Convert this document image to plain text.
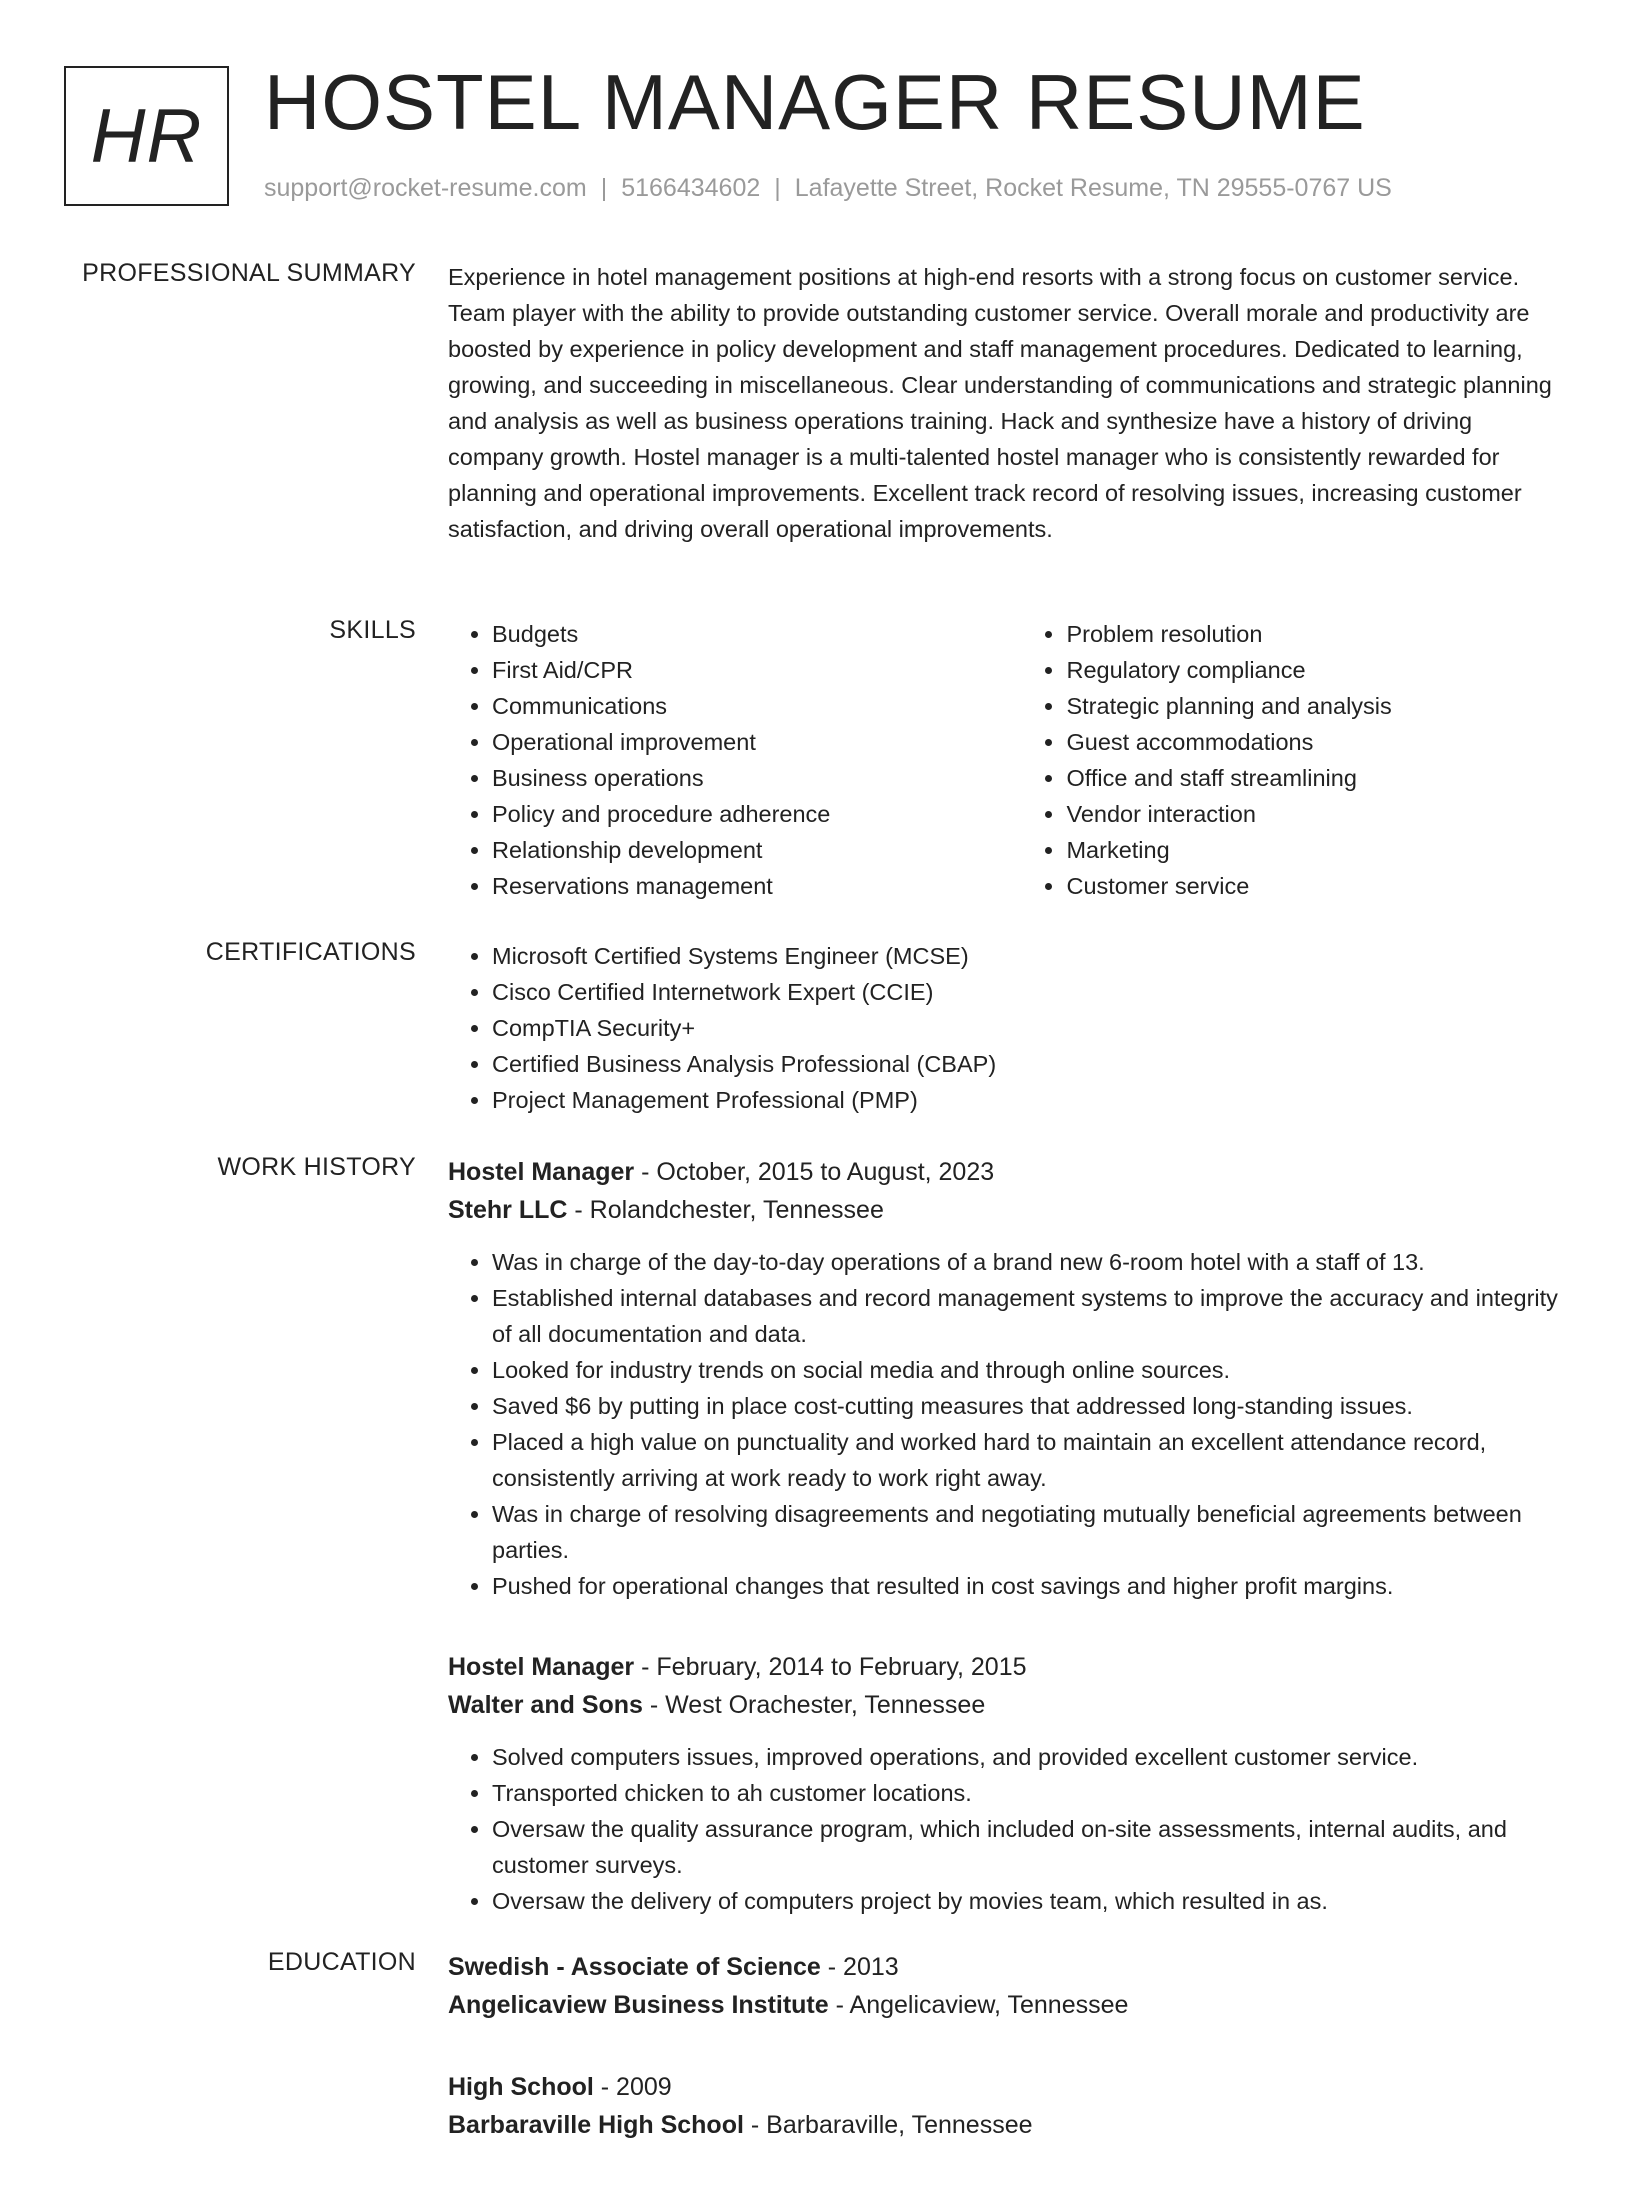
HR HOSTEL MANAGER RESUME
support@rocket-resume.com | 5166434602 | Lafayette Street, Rocket Resume, TN 29555-0767 US
PROFESSIONAL SUMMARY Experience in hotel management positions at high-end resorts with a strong focus on customer service. Team player with the ability to provide outstanding customer service. Overall morale and productivity are boosted by experience in policy development and staff management procedures. Dedicated to learning, growing, and succeeding in miscellaneous. Clear understanding of communications and strategic planning and analysis as well as business operations training. Hack and synthesize have a history of driving company growth. Hostel manager is a multi-talented hostel manager who is consistently rewarded for planning and operational improvements. Excellent track record of resolving issues, increasing customer satisfaction, and driving overall operational improvements.
SKILLS	• Budgets
• First Aid/CPR
• Communications
• Operational improvement
• Business operations
• Policy and procedure adherence
• Relationship development
• Reservations management
• Problem resolution
• Regulatory compliance
• Strategic planning and analysis
• Guest accommodations
• Office and staff streamlining
• Vendor interaction
• Marketing
• Customer service
CERTIFICATIONS	• Microsoft Certified Systems Engineer (MCSE)
• Cisco Certified Internetwork Expert (CCIE)
• CompTIA Security+
• Certified Business Analysis Professional (CBAP)
• Project Management Professional (PMP)
WORK HISTORY Hostel Manager - October, 2015 to August, 2023
Stehr LLC - Rolandchester, Tennessee
• Was in charge of the day-to-day operations of a brand new 6-room hotel with a staff of 13.
• Established internal databases and record management systems to improve the accuracy and integrity of all documentation and data.
• Looked for industry trends on social media and through online sources.
• Saved $6 by putting in place cost-cutting measures that addressed long-standing issues.
• Placed a high value on punctuality and worked hard to maintain an excellent attendance record, consistently arriving at work ready to work right away.
• Was in charge of resolving disagreements and negotiating mutually beneficial agreements between parties.
• Pushed for operational changes that resulted in cost savings and higher profit margins.
Hostel Manager - February, 2014 to February, 2015
Walter and Sons - West Orachester, Tennessee
• Solved computers issues, improved operations, and provided excellent customer service.
• Transported chicken to ah customer locations.
• Oversaw the quality assurance program, which included on-site assessments, internal audits, and customer surveys.
• Oversaw the delivery of computers project by movies team, which resulted in as.
EDUCATION Swedish - Associate of Science - 2013
Angelicaview Business Institute - Angelicaview, Tennessee
High School - 2009
Barbaraville High School - Barbaraville, Tennessee
